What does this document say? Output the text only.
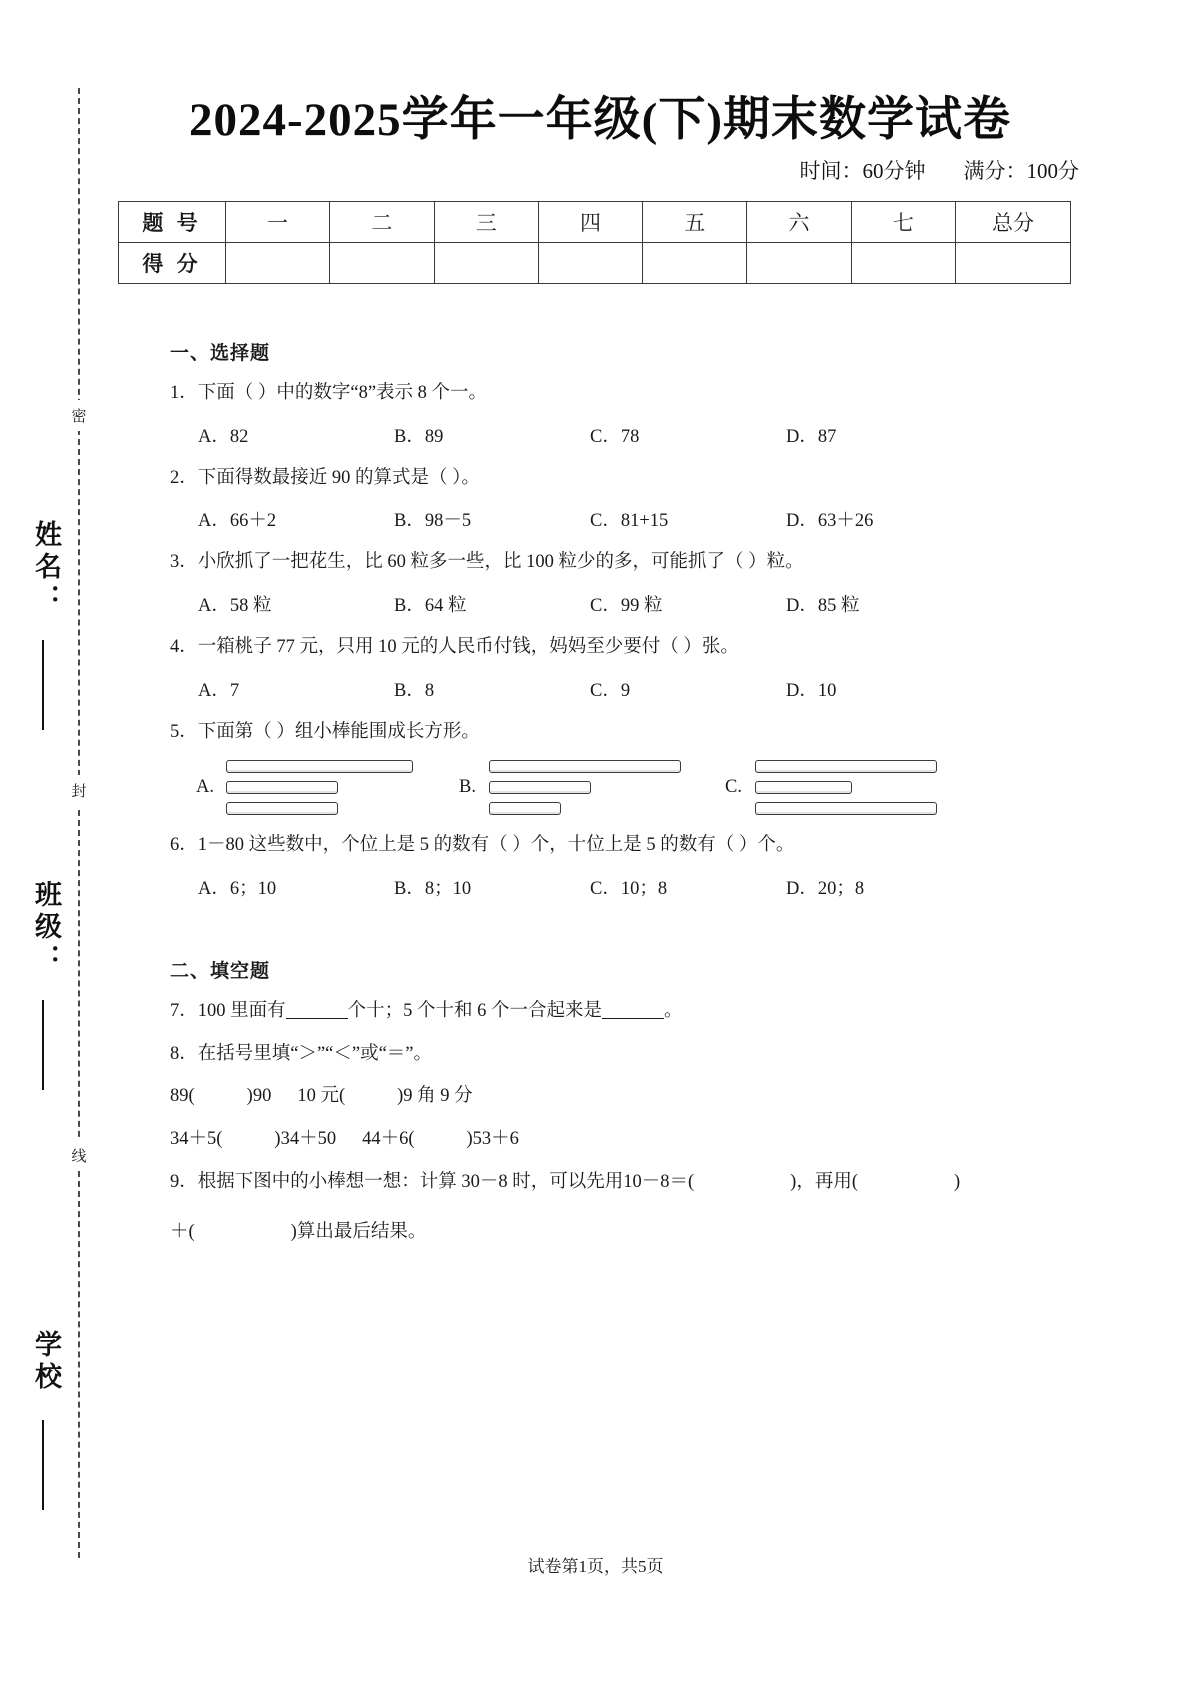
密
封
线
姓名：
班级：
学校
2024-2025学年一年级(下)期末数学试卷
时间：60分钟 满分：100分
题 号	一	二	三	四	五	六	七	总分
得 分								
一、选择题
1．下面（ ）中的数字“8”表示 8 个一。
A．82	B．89	C．78	D．87
2．下面得数最接近 90 的算式是（ ）。
A．66＋2	B．98－5	C．81+15	D．63＋26
3．小欣抓了一把花生，比 60 粒多一些，比 100 粒少的多，可能抓了（ ）粒。
A．58 粒	B．64 粒	C．99 粒	D．85 粒
4．一箱桃子 77 元，只用 10 元的人民币付钱，妈妈至少要付（ ）张。
A．7	B．8	C．9	D．10
5．下面第（ ）组小棒能围成长方形。
A.	B.	C.
6．1－80 这些数中，个位上是 5 的数有（ ）个，十位上是 5 的数有（ ）个。
A．6；10	B．8；10	C．10；8	D．20；8
二、填空题
7．100 里面有	个十；5 个十和 6 个一合起来是	。
8．在括号里填“＞”“＜”或“＝”。
89(	)90 10 元(	)9 角 9 分
34＋5(	)34＋50 44＋6(	)53＋6
9．根据下图中的小棒想一想：计算 30－8 时，可以先用10－8＝(	)，再用(	)
＋(	)算出最后结果。
试卷第1页，共5页
